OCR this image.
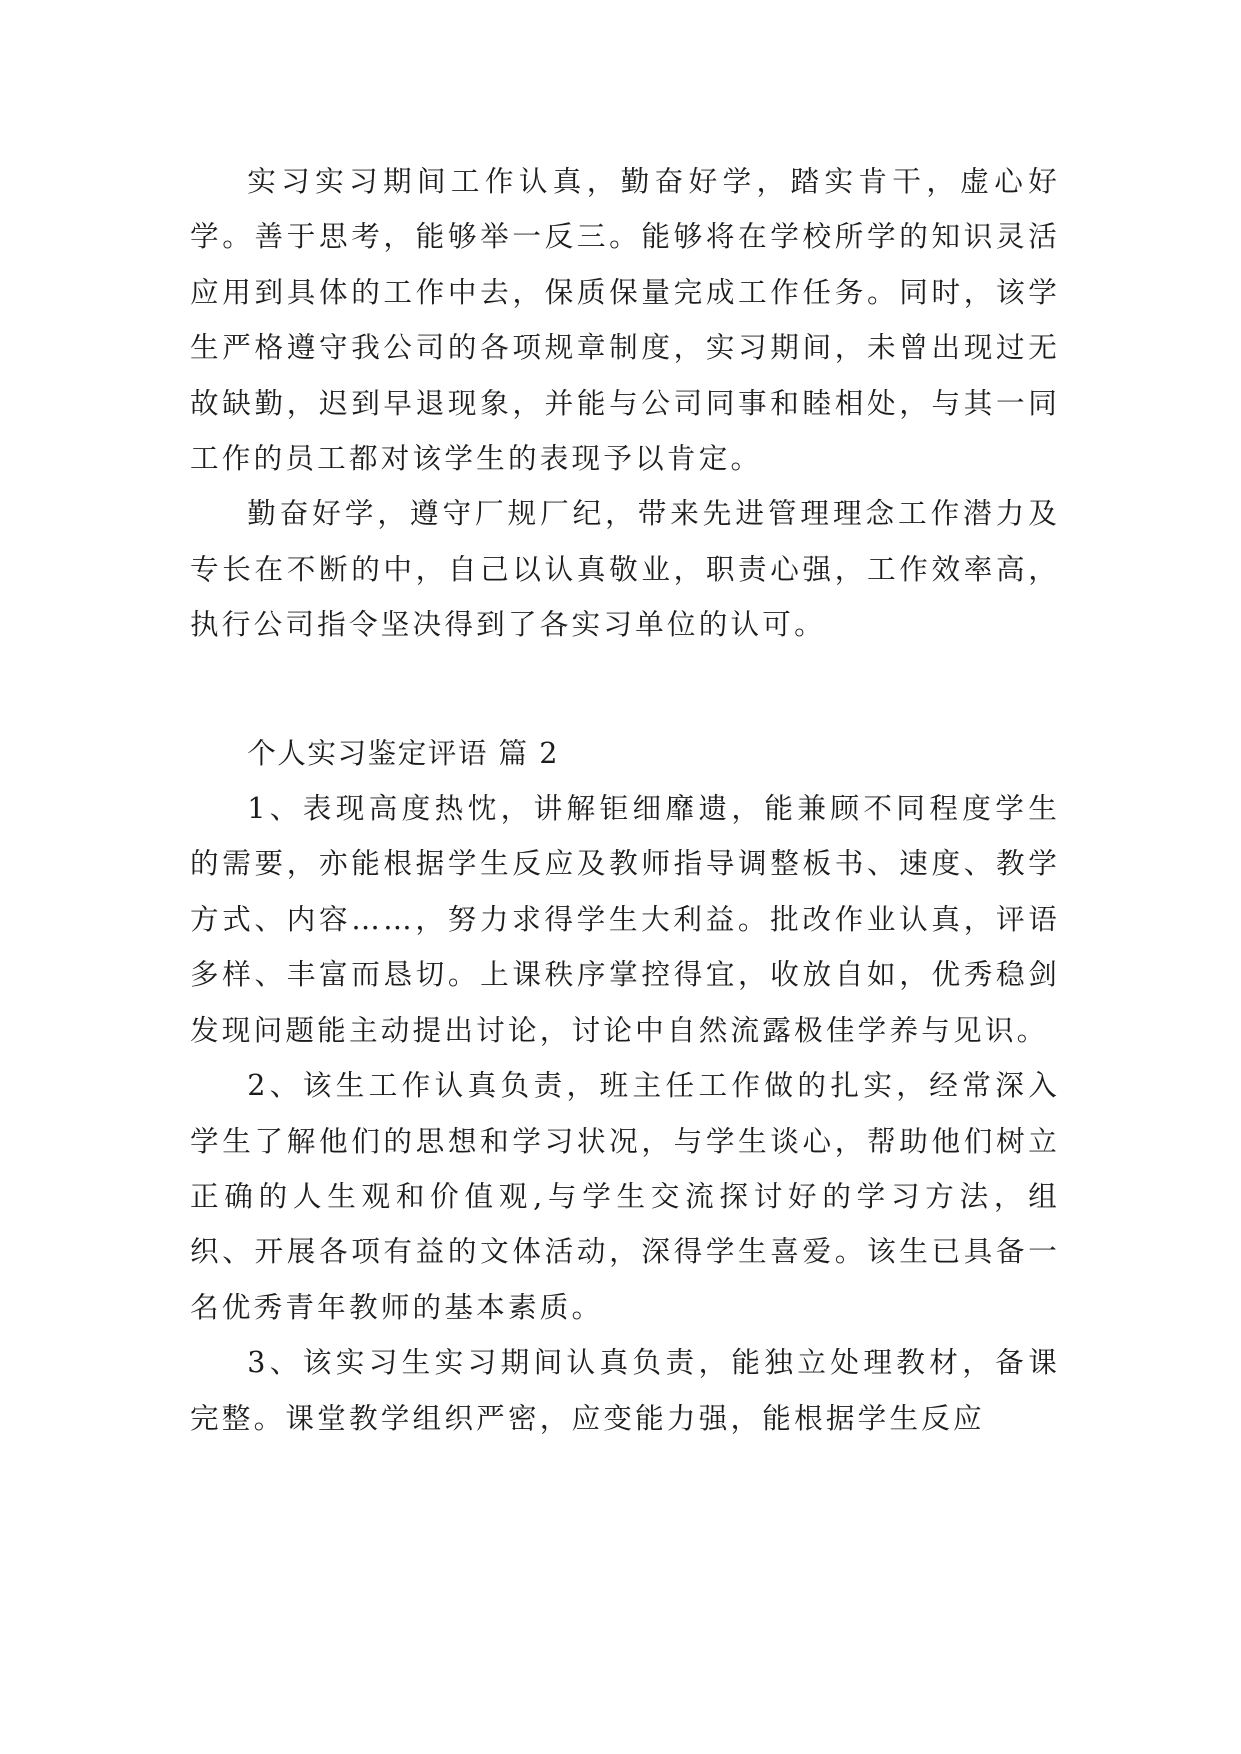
实习实习期间工作认真，勤奋好学，踏实肯干，虚心好学。善于思考，能够举一反三。能够将在学校所学的知识灵活应用到具体的工作中去，保质保量完成工作任务。同时，该学生严格遵守我公司的各项规章制度，实习期间，未曾出现过无故缺勤，迟到早退现象，并能与公司同事和睦相处，与其一同工作的员工都对该学生的表现予以肯定。

勤奋好学，遵守厂规厂纪，带来先进管理理念工作潜力及专长在不断的中，自己以认真敬业，职责心强，工作效率高，执行公司指令坚决得到了各实习单位的认可。

个人实习鉴定评语 篇 2

1、表现高度热忱，讲解钜细靡遗，能兼顾不同程度学生的需要，亦能根据学生反应及教师指导调整板书、速度、教学方式、内容……，努力求得学生大利益。批改作业认真，评语多样、丰富而恳切。上课秩序掌控得宜，收放自如，优秀稳剑发现问题能主动提出讨论，讨论中自然流露极佳学养与见识。

2、该生工作认真负责，班主任工作做的扎实，经常深入学生了解他们的思想和学习状况，与学生谈心，帮助他们树立正确的人生观和价值观,与学生交流探讨好的学习方法，组织、开展各项有益的文体活动，深得学生喜爱。该生已具备一名优秀青年教师的基本素质。

3、该实习生实习期间认真负责，能独立处理教材，备课完整。课堂教学组织严密，应变能力强，能根据学生反应
